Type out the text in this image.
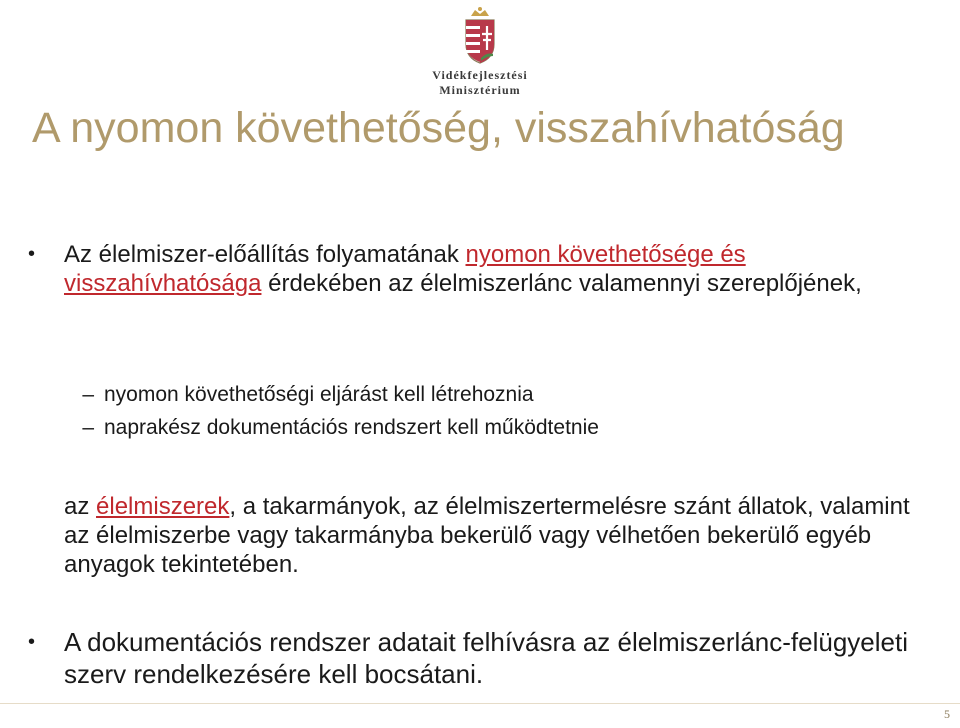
Vidékfejlesztési
Minisztérium
A nyomon követhetőség, visszahívhatóság
•	Az élelmiszer-előállítás folyamatának nyomon követhetősége és visszahívhatósága érdekében az élelmiszerlánc valamennyi szereplőjének,
– nyomon követhetőségi eljárást kell létrehoznia
– naprakész dokumentációs rendszert kell működtetnie
az élelmiszerek, a takarmányok, az élelmiszertermelésre szánt állatok, valamint az élelmiszerbe vagy takarmányba bekerülő vagy vélhetően bekerülő egyéb anyagok tekintetében.
•	A dokumentációs rendszer adatait felhívásra az élelmiszerlánc-felügyeleti szerv rendelkezésére kell bocsátani.
5
